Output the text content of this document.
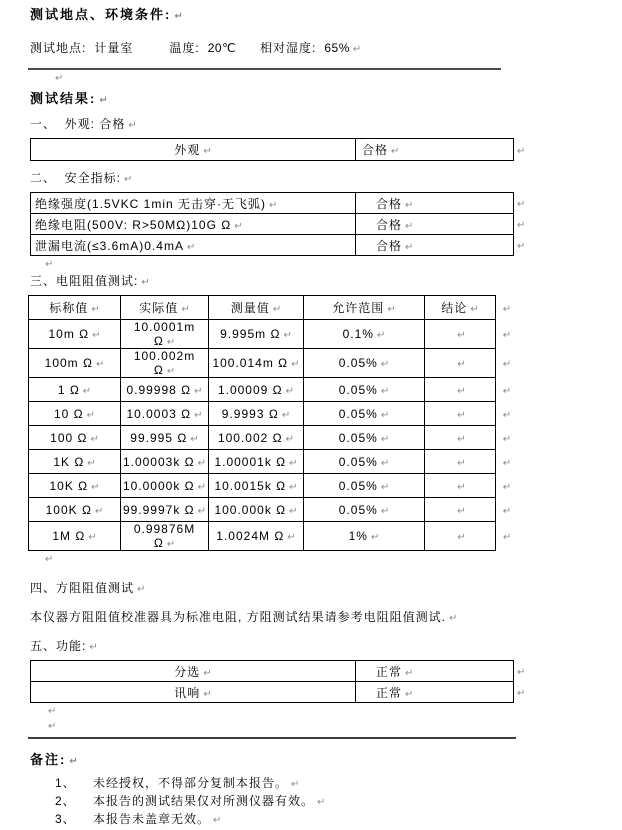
测试地点、环境条件: ↵
测试地点: 计量室	温度: 20℃ 相对湿度: 65% ↵
↵
测试结果: ↵
一、  外观: 合格 ↵
外观 ↵	合格 ↵	↵
二、  安全指标: ↵
绝缘强度(1.5VKC 1min 无击穿·无飞弧) ↵	合格 ↵	↵
绝缘电阻(500V: R>50MΩ)10G Ω ↵	合格 ↵	↵
泄漏电流(≤3.6mA)0.4mA ↵	合格 ↵	↵
↵
三、电阻阻值测试: ↵
标称值 ↵	实际值 ↵	测量值 ↵	允许范围 ↵	结论 ↵	↵
10m Ω ↵	10.0001m Ω ↵	9.995m Ω ↵	0.1% ↵	↵	↵
100m Ω ↵	100.002m Ω ↵	100.014m Ω ↵	0.05% ↵	↵	↵
1 Ω ↵	0.99998 Ω ↵	1.00009 Ω ↵	0.05% ↵	↵	↵
10 Ω ↵	10.0003 Ω ↵	9.9993 Ω ↵	0.05% ↵	↵	↵
100 Ω ↵	99.995 Ω ↵	100.002 Ω ↵	0.05% ↵	↵	↵
1K Ω ↵	1.00003k Ω ↵	1.00001k Ω ↵	0.05% ↵	↵	↵
10K Ω ↵	10.0000k Ω ↵	10.0015k Ω ↵	0.05% ↵	↵	↵
100K Ω ↵	99.9997k Ω ↵	100.000k Ω ↵	0.05% ↵	↵	↵
1M Ω ↵	0.99876M Ω ↵	1.0024M Ω ↵	1% ↵	↵	↵
↵
四、方阻阻值测试 ↵
本仪器方阻阻值校准器具为标准电阻, 方阻测试结果请参考电阻阻值测试. ↵
五、功能: ↵
分选 ↵	正常 ↵	↵
讯响 ↵	正常 ↵	↵
↵
↵
备注: ↵
1、	未经授权，不得部分复制本报告。 ↵
2、	本报告的测试结果仅对所测仪器有效。 ↵
3、	本报告未盖章无效。 ↵
